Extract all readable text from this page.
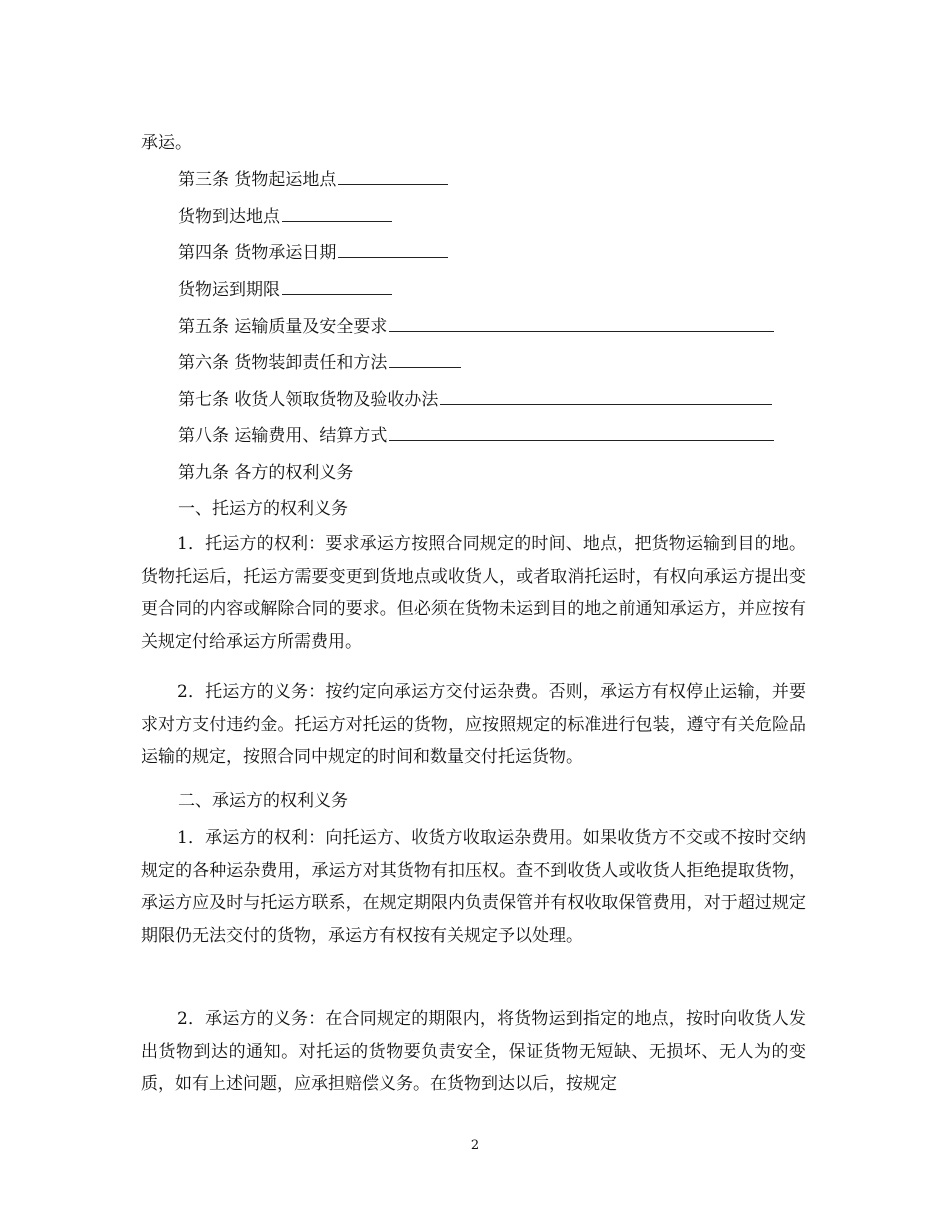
承运。
第三条 货物起运地点
货物到达地点
第四条 货物承运日期
货物运到期限
第五条 运输质量及安全要求
第六条 货物装卸责任和方法
第七条 收货人领取货物及验收办法
第八条 运输费用、结算方式
第九条 各方的权利义务
一、托运方的权利义务
1．托运方的权利：要求承运方按照合同规定的时间、地点，把货物运输到目的地。货物托运后，托运方需要变更到货地点或收货人，或者取消托运时，有权向承运方提出变更合同的内容或解除合同的要求。但必须在货物未运到目的地之前通知承运方，并应按有关规定付给承运方所需费用。
2．托运方的义务：按约定向承运方交付运杂费。否则，承运方有权停止运输，并要求对方支付违约金。托运方对托运的货物，应按照规定的标准进行包装，遵守有关危险品运输的规定，按照合同中规定的时间和数量交付托运货物。
二、承运方的权利义务
1．承运方的权利：向托运方、收货方收取运杂费用。如果收货方不交或不按时交纳规定的各种运杂费用，承运方对其货物有扣压权。查不到收货人或收货人拒绝提取货物，承运方应及时与托运方联系，在规定期限内负责保管并有权收取保管费用，对于超过规定期限仍无法交付的货物，承运方有权按有关规定予以处理。
2．承运方的义务：在合同规定的期限内，将货物运到指定的地点，按时向收货人发出货物到达的通知。对托运的货物要负责安全，保证货物无短缺、无损坏、无人为的变质，如有上述问题，应承担赔偿义务。在货物到达以后，按规定
2
